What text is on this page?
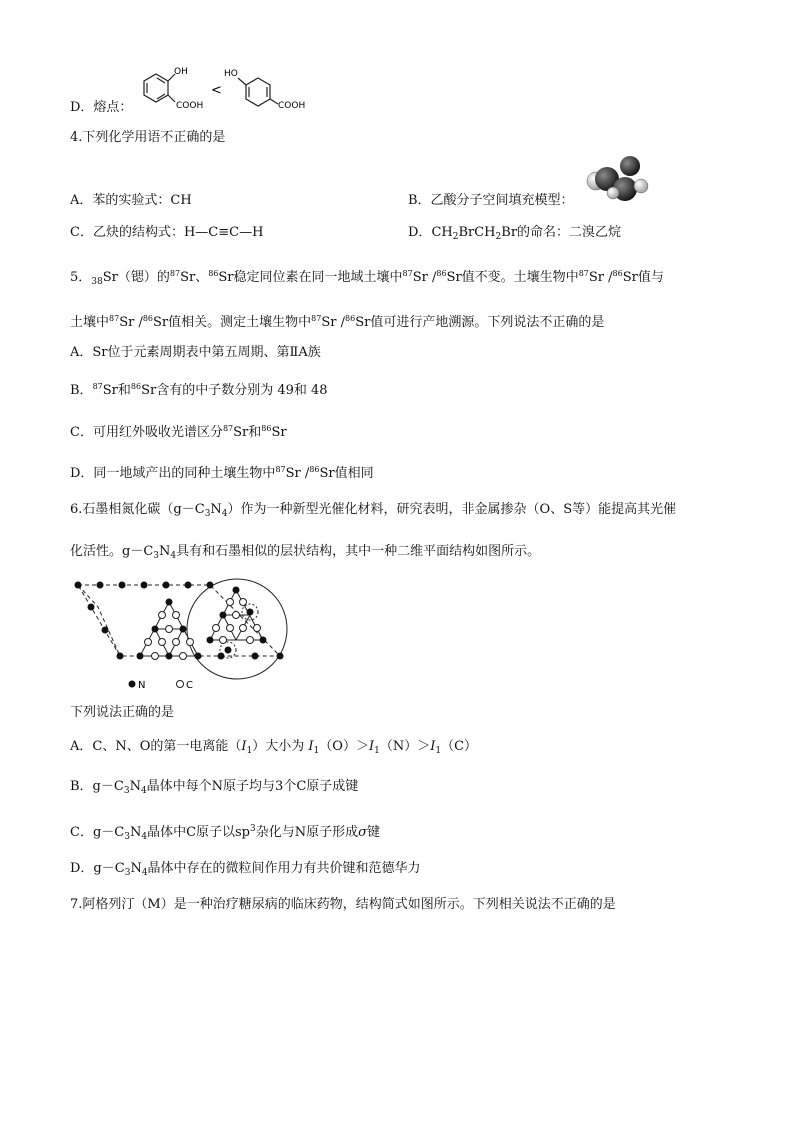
D．熔点：
OH
COOH
<
HO
COOH
4.下列化学用语不正确的是
A．苯的实验式：CH	B．乙酸分子空间填充模型：
C．乙炔的结构式：H—C≡C—H	D．$CH_2BrCH_2Br$的命名：二溴乙烷
5．$_{38}$Sr（锶）的$^{87}$Sr、$^{86}$Sr稳定同位素在同一地域土壤中$^{87}$Sr /$^{86}$Sr值不变。土壤生物中$^{87}$Sr /$^{86}$Sr值与
土壤中$^{87}$Sr /$^{86}$Sr值相关。测定土壤生物中$^{87}$Sr /$^{86}$Sr值可进行产地溯源。下列说法不正确的是
A．Sr位于元素周期表中第五周期、第ⅡA族
B．$^{87}$Sr和$^{86}$Sr含有的中子数分别为 49和 48
C．可用红外吸收光谱区分$^{87}$Sr和$^{86}$Sr
D．同一地域产出的同种土壤生物中$^{87}$Sr /$^{86}$Sr值相同
6.石墨相氮化碳$(g-C_3N_4)$作为一种新型光催化材料，研究表明，非金属掺杂（O、S等）能提高其光催
化活性。$g-C_3N_4$具有和石墨相似的层状结构，其中一种二维平面结构如图所示。
N	C
下列说法正确的是
A．C、N、O的第一电离能$(I_1)$大小为 $I_1(O)>I_1(N)>I_1(C)$
B．$g-C_3N_4$晶体中每个N原子均与3个C原子成键
C．$g-C_3N_4$晶体中C原子以$sp^3$杂化与N原子形成σ键
D．$g-C_3N_4$晶体中存在的微粒间作用力有共价键和范德华力
7.阿格列汀（M）是一种治疗糖尿病的临床药物，结构简式如图所示。下列相关说法不正确的是
